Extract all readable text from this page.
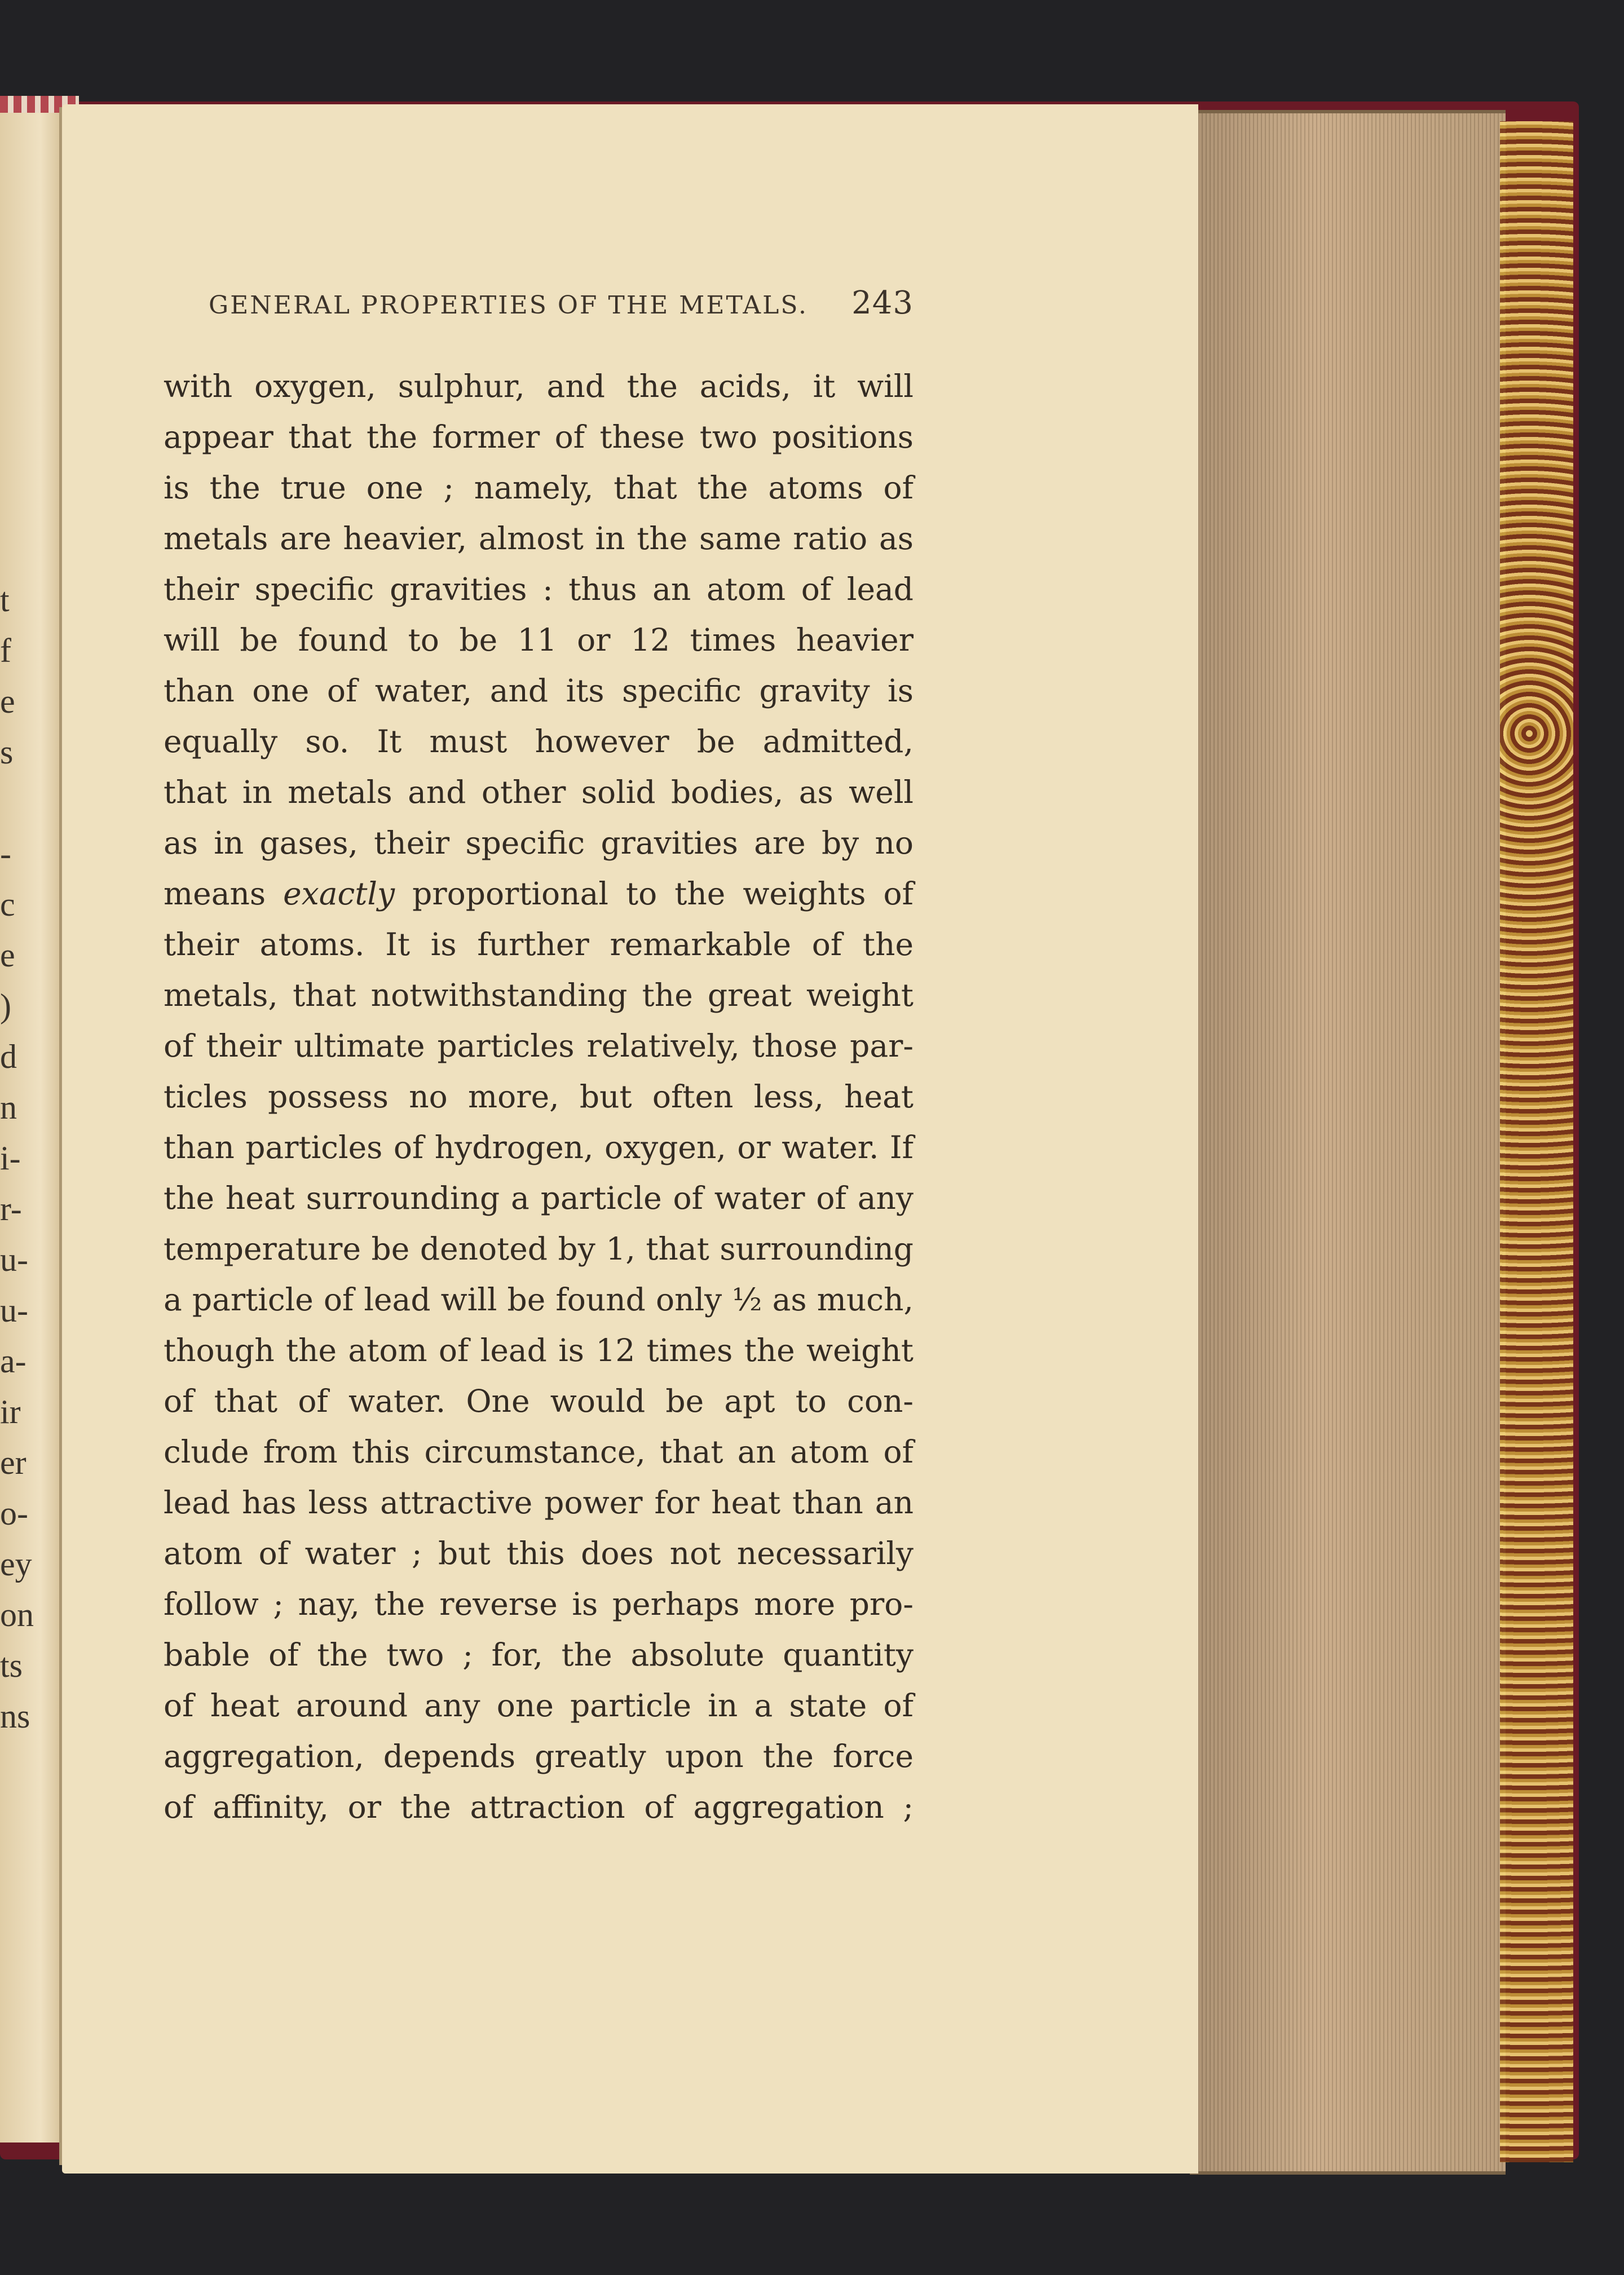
t
f
e
s
-
c
e
)
d
n
i-
r-
u-
u-
a-
ir
er
o-
ey
on
ts
ns
GENERAL PROPERTIES OF THE METALS. 243
with oxygen, sulphur, and the acids, it will
appear that the former of these two positions
is the true one ; namely, that the atoms of
metals are heavier, almost in the same ratio as
their specific gravities : thus an atom of lead
will be found to be 11 or 12 times heavier
than one of water, and its specific gravity is
equally so. It must however be admitted,
that in metals and other solid bodies, as well
as in gases, their specific gravities are by no
means exactly proportional to the weights of
their atoms. It is further remarkable of the
metals, that notwithstanding the great weight
of their ultimate particles relatively, those par-
ticles possess no more, but often less, heat
than particles of hydrogen, oxygen, or water. If
the heat surrounding a particle of water of any
temperature be denoted by 1, that surrounding
a particle of lead will be found only ½ as much,
though the atom of lead is 12 times the weight
of that of water. One would be apt to con-
clude from this circumstance, that an atom of
lead has less attractive power for heat than an
atom of water ; but this does not necessarily
follow ; nay, the reverse is perhaps more pro-
bable of the two ; for, the absolute quantity
of heat around any one particle in a state of
aggregation, depends greatly upon the force
of affinity, or the attraction of aggregation ;
